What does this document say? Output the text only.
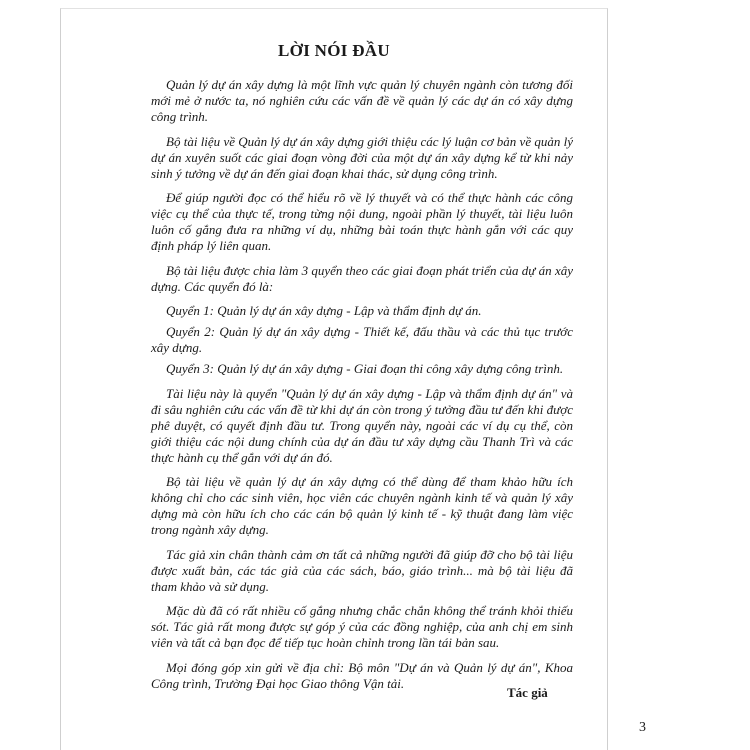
LỜI NÓI ĐẦU

Quản lý dự án xây dựng là một lĩnh vực quản lý chuyên ngành còn tương đối mới mẻ ở nước ta, nó nghiên cứu các vấn đề về quản lý các dự án có xây dựng công trình.

Bộ tài liệu về Quản lý dự án xây dựng giới thiệu các lý luận cơ bản về quản lý dự án xuyên suốt các giai đoạn vòng đời của một dự án xây dựng kể từ khi nảy sinh ý tưởng về dự án đến giai đoạn khai thác, sử dụng công trình.

Để giúp người đọc có thể hiểu rõ về lý thuyết và có thể thực hành các công việc cụ thể của thực tế, trong từng nội dung, ngoài phần lý thuyết, tài liệu luôn luôn cố gắng đưa ra những ví dụ, những bài toán thực hành gắn với các quy định pháp lý liên quan.

Bộ tài liệu được chia làm 3 quyển theo các giai đoạn phát triển của dự án xây dựng. Các quyển đó là:

Quyển 1: Quản lý dự án xây dựng - Lập và thẩm định dự án.

Quyển 2: Quản lý dự án xây dựng - Thiết kế, đấu thầu và các thủ tục trước xây dựng.

Quyển 3: Quản lý dự án xây dựng - Giai đoạn thi công xây dựng công trình.

Tài liệu này là quyển "Quản lý dự án xây dựng - Lập và thẩm định dự án" và đi sâu nghiên cứu các vấn đề từ khi dự án còn trong ý tưởng đầu tư đến khi được phê duyệt, có quyết định đầu tư. Trong quyển này, ngoài các ví dụ cụ thể, còn giới thiệu các nội dung chính của dự án đầu tư xây dựng cầu Thanh Trì và các thực hành cụ thể gắn với dự án đó.

Bộ tài liệu về quản lý dự án xây dựng có thể dùng để tham khảo hữu ích không chỉ cho các sinh viên, học viên các chuyên ngành kinh tế và quản lý xây dựng mà còn hữu ích cho các cán bộ quản lý kinh tế - kỹ thuật đang làm việc trong ngành xây dựng.

Tác giả xin chân thành cảm ơn tất cả những người đã giúp đỡ cho bộ tài liệu được xuất bản, các tác giả của các sách, báo, giáo trình... mà bộ tài liệu đã tham khảo và sử dụng.

Mặc dù đã có rất nhiều cố gắng nhưng chắc chắn không thể tránh khỏi thiếu sót. Tác giả rất mong được sự góp ý của các đồng nghiệp, của anh chị em sinh viên và tất cả bạn đọc để tiếp tục hoàn chỉnh trong lần tái bản sau.

Mọi đóng góp xin gửi về địa chỉ: Bộ môn "Dự án và Quản lý dự án", Khoa Công trình, Trường Đại học Giao thông Vận tải.

Tác giả

3
